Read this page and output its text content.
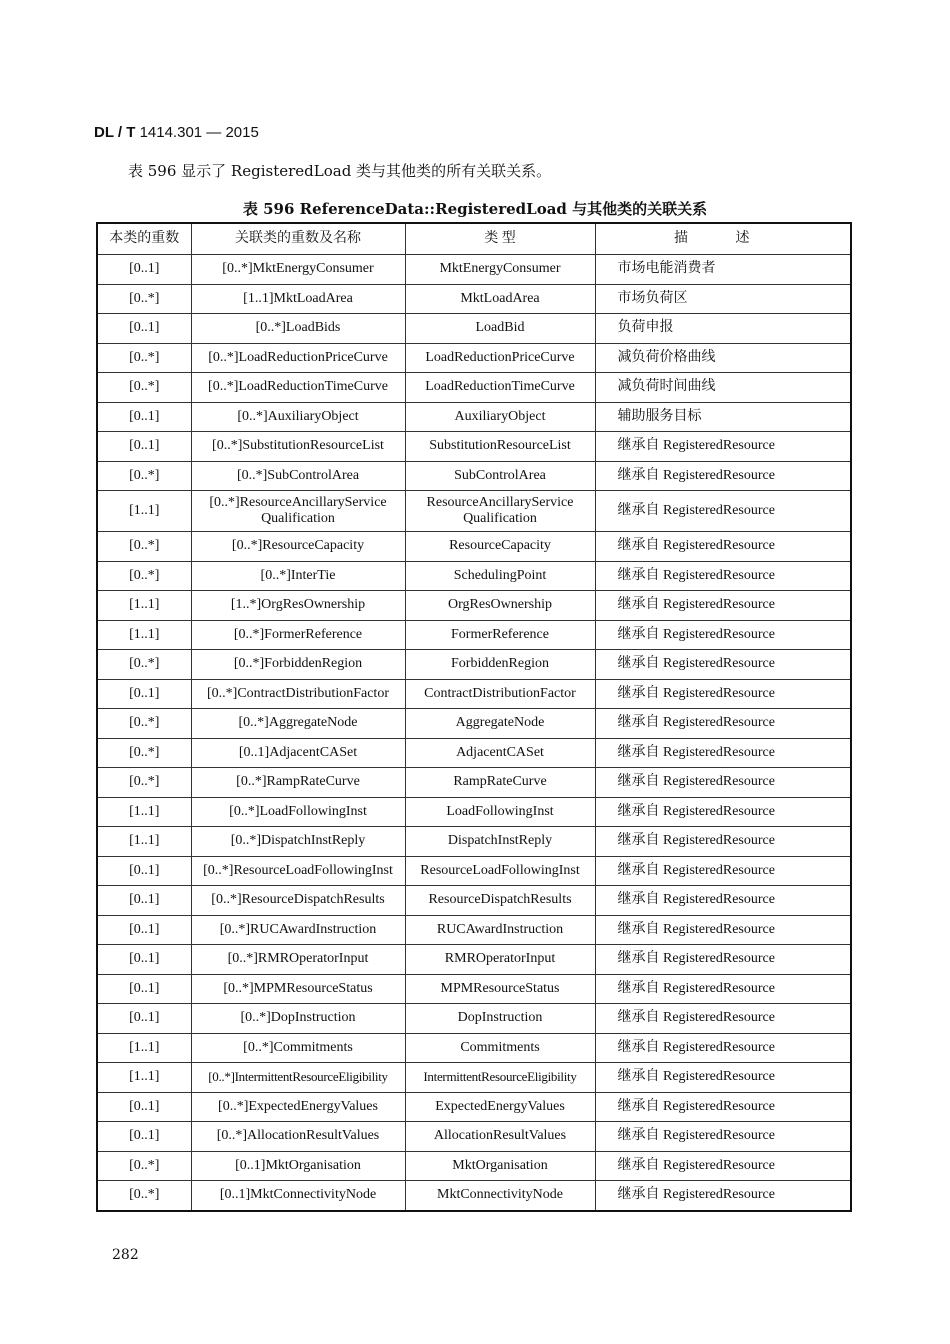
DL / T 1414.301 — 2015
表 596 显示了 RegisteredLoad 类与其他类的所有关联关系。
表 596 ReferenceData::RegisteredLoad 与其他类的关联关系
本类的重数	关联类的重数及名称	类 型	描 述
[0..1]	[0..*]MktEnergyConsumer	MktEnergyConsumer	市场电能消费者
[0..*]	[1..1]MktLoadArea	MktLoadArea	市场负荷区
[0..1]	[0..*]LoadBids	LoadBid	负荷申报
[0..*]	[0..*]LoadReductionPriceCurve	LoadReductionPriceCurve	减负荷价格曲线
[0..*]	[0..*]LoadReductionTimeCurve	LoadReductionTimeCurve	减负荷时间曲线
[0..1]	[0..*]AuxiliaryObject	AuxiliaryObject	辅助服务目标
[0..1]	[0..*]SubstitutionResourceList	SubstitutionResourceList	继承自 RegisteredResource
[0..*]	[0..*]SubControlArea	SubControlArea	继承自 RegisteredResource
[1..1]	[0..*]ResourceAncillaryService Qualification	ResourceAncillaryService Qualification	继承自 RegisteredResource
[0..*]	[0..*]ResourceCapacity	ResourceCapacity	继承自 RegisteredResource
[0..*]	[0..*]InterTie	SchedulingPoint	继承自 RegisteredResource
[1..1]	[1..*]OrgResOwnership	OrgResOwnership	继承自 RegisteredResource
[1..1]	[0..*]FormerReference	FormerReference	继承自 RegisteredResource
[0..*]	[0..*]ForbiddenRegion	ForbiddenRegion	继承自 RegisteredResource
[0..1]	[0..*]ContractDistributionFactor	ContractDistributionFactor	继承自 RegisteredResource
[0..*]	[0..*]AggregateNode	AggregateNode	继承自 RegisteredResource
[0..*]	[0..1]AdjacentCASet	AdjacentCASet	继承自 RegisteredResource
[0..*]	[0..*]RampRateCurve	RampRateCurve	继承自 RegisteredResource
[1..1]	[0..*]LoadFollowingInst	LoadFollowingInst	继承自 RegisteredResource
[1..1]	[0..*]DispatchInstReply	DispatchInstReply	继承自 RegisteredResource
[0..1]	[0..*]ResourceLoadFollowingInst	ResourceLoadFollowingInst	继承自 RegisteredResource
[0..1]	[0..*]ResourceDispatchResults	ResourceDispatchResults	继承自 RegisteredResource
[0..1]	[0..*]RUCAwardInstruction	RUCAwardInstruction	继承自 RegisteredResource
[0..1]	[0..*]RMROperatorInput	RMROperatorInput	继承自 RegisteredResource
[0..1]	[0..*]MPMResourceStatus	MPMResourceStatus	继承自 RegisteredResource
[0..1]	[0..*]DopInstruction	DopInstruction	继承自 RegisteredResource
[1..1]	[0..*]Commitments	Commitments	继承自 RegisteredResource
[1..1]	[0..*]IntermittentResourceEligibility	IntermittentResourceEligibility	继承自 RegisteredResource
[0..1]	[0..*]ExpectedEnergyValues	ExpectedEnergyValues	继承自 RegisteredResource
[0..1]	[0..*]AllocationResultValues	AllocationResultValues	继承自 RegisteredResource
[0..*]	[0..1]MktOrganisation	MktOrganisation	继承自 RegisteredResource
[0..*]	[0..1]MktConnectivityNode	MktConnectivityNode	继承自 RegisteredResource
282
